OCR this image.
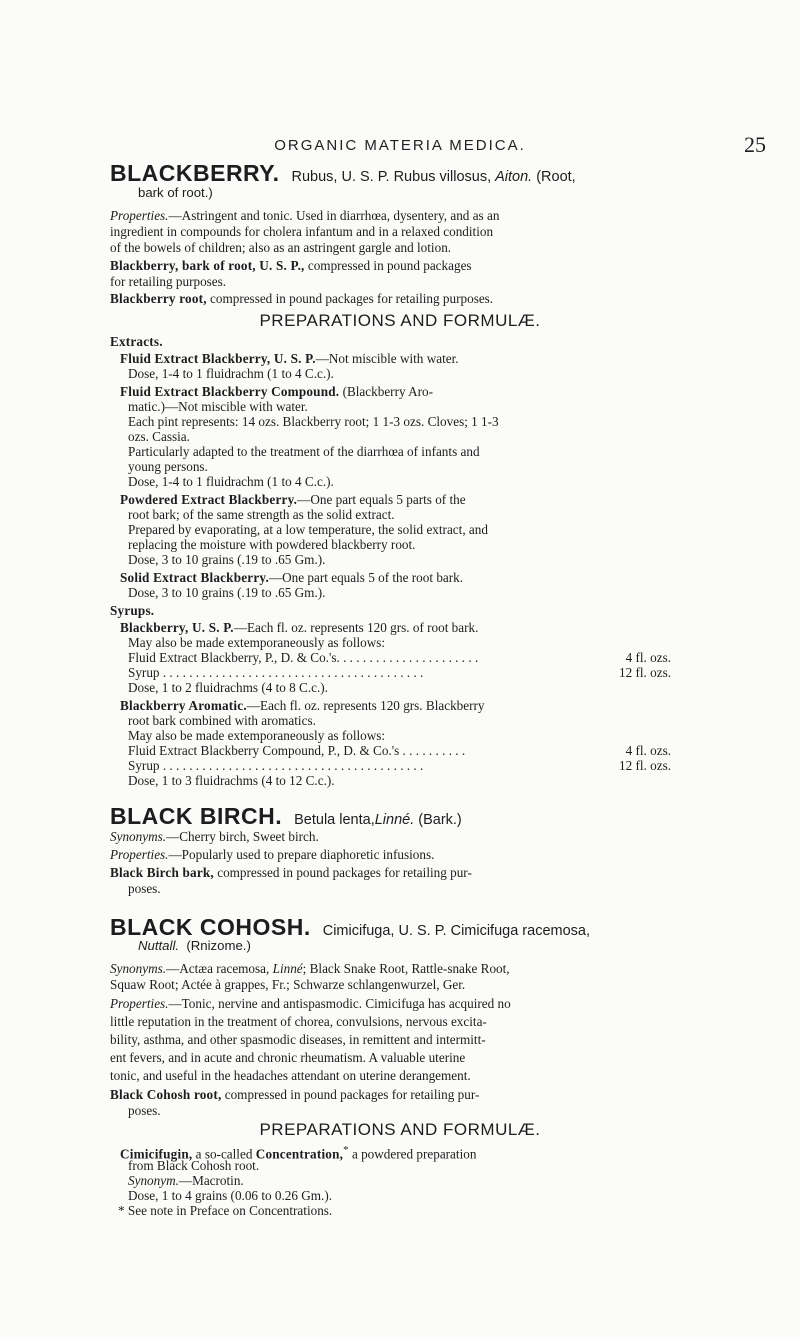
ORGANIC MATERIA MEDICA.	25
BLACKBERRY. Rubus, U. S. P. Rubus villosus, Aiton. (Root,
bark of root.)
Properties.—Astringent and tonic. Used in diarrhœa, dysentery, and as an
ingredient in compounds for cholera infantum and in a relaxed condition
of the bowels of children; also as an astringent gargle and lotion.
Blackberry, bark of root, U. S. P., compressed in pound packages
for retailing purposes.
Blackberry root, compressed in pound packages for retailing purposes.
PREPARATIONS AND FORMULÆ.
Extracts.
Fluid Extract Blackberry, U. S. P.—Not miscible with water.
Dose, 1-4 to 1 fluidrachm (1 to 4 C.c.).
Fluid Extract Blackberry Compound. (Blackberry Aro-
matic.)—Not miscible with water.
Each pint represents: 14 ozs. Blackberry root; 1 1-3 ozs. Cloves; 1 1-3
ozs. Cassia.
Particularly adapted to the treatment of the diarrhœa of infants and
young persons.
Dose, 1-4 to 1 fluidrachm (1 to 4 C.c.).
Powdered Extract Blackberry.—One part equals 5 parts of the
root bark; of the same strength as the solid extract.
Prepared by evaporating, at a low temperature, the solid extract, and
replacing the moisture with powdered blackberry root.
Dose, 3 to 10 grains (.19 to .65 Gm.).
Solid Extract Blackberry.—One part equals 5 of the root bark.
Dose, 3 to 10 grains (.19 to .65 Gm.).
Syrups.
Blackberry, U. S. P.—Each fl. oz. represents 120 grs. of root bark.
May also be made extemporaneously as follows:
Fluid Extract Blackberry, P., D. & Co.'s. . . . . . . . . . . . . . . . . . . . . .	4 fl. ozs.
Syrup . . . . . . . . . . . . . . . . . . . . . . . . . . . . . . . . . . . . . . . .	12 fl. ozs.
Dose, 1 to 2 fluidrachms (4 to 8 C.c.).
Blackberry Aromatic.—Each fl. oz. represents 120 grs. Blackberry
root bark combined with aromatics.
May also be made extemporaneously as follows:
Fluid Extract Blackberry Compound, P., D. & Co.'s . . . . . . . . . .	4 fl. ozs.
Syrup . . . . . . . . . . . . . . . . . . . . . . . . . . . . . . . . . . . . . . . .	12 fl. ozs.
Dose, 1 to 3 fluidrachms (4 to 12 C.c.).
BLACK BIRCH. Betula lenta,Linné. (Bark.)
Synonyms.—Cherry birch, Sweet birch.
Properties.—Popularly used to prepare diaphoretic infusions.
Black Birch bark, compressed in pound packages for retailing pur-
poses.
BLACK COHOSH. Cimicifuga, U. S. P. Cimicifuga racemosa,
Nuttall. (Rnizome.)
Synonyms.—Actæa racemosa, Linné; Black Snake Root, Rattle-snake Root,
Squaw Root; Actée à grappes, Fr.; Schwarze schlangenwurzel, Ger.
Properties.—Tonic, nervine and antispasmodic. Cimicifuga has acquired no
little reputation in the treatment of chorea, convulsions, nervous excita-
bility, asthma, and other spasmodic diseases, in remittent and intermitt-
ent fevers, and in acute and chronic rheumatism. A valuable uterine
tonic, and useful in the headaches attendant on uterine derangement.
Black Cohosh root, compressed in pound packages for retailing pur-
poses.
PREPARATIONS AND FORMULÆ.
Cimicifugin, a so-called Concentration,* a powdered preparation
from Black Cohosh root.
Synonym.—Macrotin.
Dose, 1 to 4 grains (0.06 to 0.26 Gm.).
* See note in Preface on Concentrations.
